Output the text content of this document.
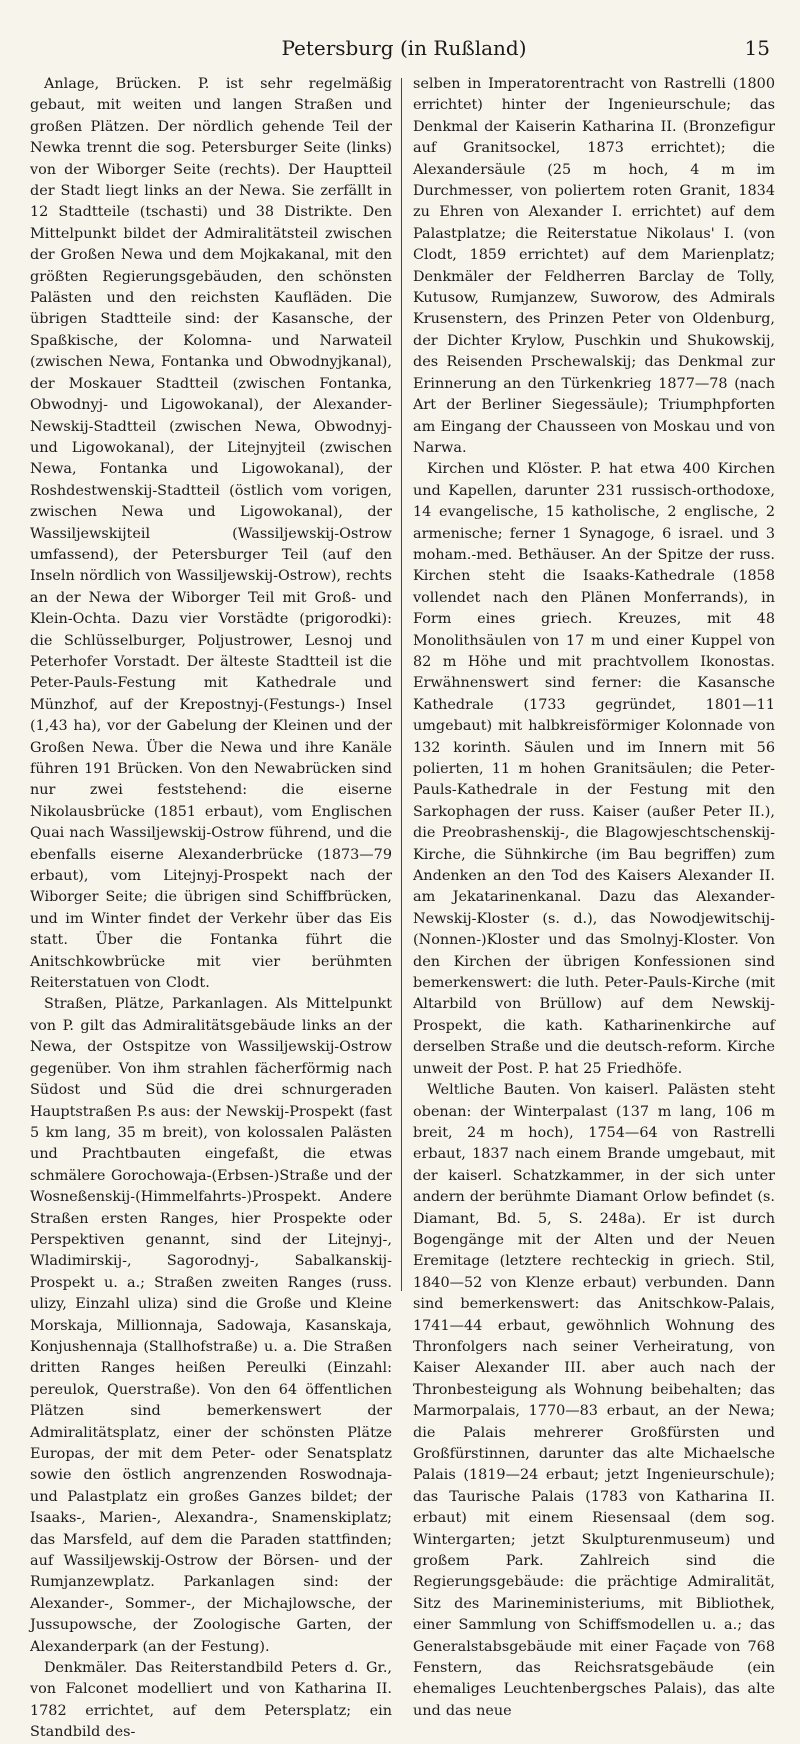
Petersburg (in Rußland)	15

Anlage, Brücken. P. ist sehr regelmäßig gebaut, mit weiten und langen Straßen und großen Plätzen. Der nördlich gehende Teil der Newka trennt die sog. Petersburger Seite (links) von der Wiborger Seite (rechts). Der Hauptteil der Stadt liegt links an der Newa. Sie zerfällt in 12 Stadtteile (tschasti) und 38 Distrikte. Den Mittelpunkt bildet der Admiralitätsteil zwischen der Großen Newa und dem Mojkakanal, mit den größten Regierungsgebäuden, den schönsten Palästen und den reichsten Kaufläden. Die übrigen Stadtteile sind: der Kasansche, der Spaßkische, der Kolomna- und Narwateil (zwischen Newa, Fontanka und Obwodnyjkanal), der Moskauer Stadtteil (zwischen Fontanka, Obwodnyj- und Ligowokanal), der Alexander-Newskij-Stadtteil (zwischen Newa, Obwodnyj- und Ligowokanal), der Litejnyjteil (zwischen Newa, Fontanka und Ligowokanal), der Roshdestwenskij-Stadtteil (östlich vom vorigen, zwischen Newa und Ligowokanal), der Wassiljewskijteil (Wassiljewskij-Ostrow umfassend), der Petersburger Teil (auf den Inseln nördlich von Wassiljewskij-Ostrow), rechts an der Newa der Wiborger Teil mit Groß- und Klein-Ochta. Dazu vier Vorstädte (prigorodki): die Schlüsselburger, Poljustrower, Lesnoj und Peterhofer Vorstadt. Der älteste Stadtteil ist die Peter-Pauls-Festung mit Kathedrale und Münzhof, auf der Krepostnyj-(Festungs-) Insel (1,43 ha), vor der Gabelung der Kleinen und der Großen Newa. Über die Newa und ihre Kanäle führen 191 Brücken. Von den Newabrücken sind nur zwei feststehend: die eiserne Nikolausbrücke (1851 erbaut), vom Englischen Quai nach Wassiljewskij-Ostrow führend, und die ebenfalls eiserne Alexanderbrücke (1873—79 erbaut), vom Litejnyj-Prospekt nach der Wiborger Seite; die übrigen sind Schiffbrücken, und im Winter findet der Verkehr über das Eis statt. Über die Fontanka führt die Anitschkowbrücke mit vier berühmten Reiterstatuen von Clodt.

Straßen, Plätze, Parkanlagen. Als Mittelpunkt von P. gilt das Admiralitätsgebäude links an der Newa, der Ostspitze von Wassiljewskij-Ostrow gegenüber. Von ihm strahlen fächerförmig nach Südost und Süd die drei schnurgeraden Hauptstraßen P.s aus: der Newskij-Prospekt (fast 5 km lang, 35 m breit), von kolossalen Palästen und Prachtbauten eingefaßt, die etwas schmälere Gorochowaja-(Erbsen-)Straße und der Wosneßenskij-(Himmelfahrts-)Prospekt. Andere Straßen ersten Ranges, hier Prospekte oder Perspektiven genannt, sind der Litejnyj-, Wladimirskij-, Sagorodnyj-, Sabalkanskij-Prospekt u. a.; Straßen zweiten Ranges (russ. ulizy, Einzahl uliza) sind die Große und Kleine Morskaja, Millionnaja, Sadowaja, Kasanskaja, Konjushennaja (Stallhofstraße) u. a. Die Straßen dritten Ranges heißen Pereulki (Einzahl: pereulok, Querstraße). Von den 64 öffentlichen Plätzen sind bemerkenswert der Admiralitätsplatz, einer der schönsten Plätze Europas, der mit dem Peter- oder Senatsplatz sowie den östlich angrenzenden Roswodnaja- und Palastplatz ein großes Ganzes bildet; der Isaaks-, Marien-, Alexandra-, Snamenskiplatz; das Marsfeld, auf dem die Paraden stattfinden; auf Wassiljewskij-Ostrow der Börsen- und der Rumjanzewplatz. Parkanlagen sind: der Alexander-, Sommer-, der Michajlowsche, der Jussupowsche, der Zoologische Garten, der Alexanderpark (an der Festung).

Denkmäler. Das Reiterstandbild Peters d. Gr., von Falconet modelliert und von Katharina II. 1782 errichtet, auf dem Petersplatz; ein Standbild des-

selben in Imperatorentracht von Rastrelli (1800 errichtet) hinter der Ingenieurschule; das Denkmal der Kaiserin Katharina II. (Bronzefigur auf Granitsockel, 1873 errichtet); die Alexandersäule (25 m hoch, 4 m im Durchmesser, von poliertem roten Granit, 1834 zu Ehren von Alexander I. errichtet) auf dem Palastplatze; die Reiterstatue Nikolaus' I. (von Clodt, 1859 errichtet) auf dem Marienplatz; Denkmäler der Feldherren Barclay de Tolly, Kutusow, Rumjanzew, Suworow, des Admirals Krusenstern, des Prinzen Peter von Oldenburg, der Dichter Krylow, Puschkin und Shukowskij, des Reisenden Prschewalskij; das Denkmal zur Erinnerung an den Türkenkrieg 1877—78 (nach Art der Berliner Siegessäule); Triumphpforten am Eingang der Chausseen von Moskau und von Narwa.

Kirchen und Klöster. P. hat etwa 400 Kirchen und Kapellen, darunter 231 russisch-orthodoxe, 14 evangelische, 15 katholische, 2 englische, 2 armenische; ferner 1 Synagoge, 6 israel. und 3 moham.-med. Bethäuser. An der Spitze der russ. Kirchen steht die Isaaks-Kathedrale (1858 vollendet nach den Plänen Monferrands), in Form eines griech. Kreuzes, mit 48 Monolithsäulen von 17 m und einer Kuppel von 82 m Höhe und mit prachtvollem Ikonostas. Erwähnenswert sind ferner: die Kasansche Kathedrale (1733 gegründet, 1801—11 umgebaut) mit halbkreisförmiger Kolonnade von 132 korinth. Säulen und im Innern mit 56 polierten, 11 m hohen Granitsäulen; die Peter-Pauls-Kathedrale in der Festung mit den Sarkophagen der russ. Kaiser (außer Peter II.), die Preobrashenskij-, die Blagowjeschtschenskij-Kirche, die Sühnkirche (im Bau begriffen) zum Andenken an den Tod des Kaisers Alexander II. am Jekatarinenkanal. Dazu das Alexander-Newskij-Kloster (s. d.), das Nowodjewitschij-(Nonnen-)Kloster und das Smolnyj-Kloster. Von den Kirchen der übrigen Konfessionen sind bemerkenswert: die luth. Peter-Pauls-Kirche (mit Altarbild von Brüllow) auf dem Newskij-Prospekt, die kath. Katharinenkirche auf derselben Straße und die deutsch-reform. Kirche unweit der Post. P. hat 25 Friedhöfe.

Weltliche Bauten. Von kaiserl. Palästen steht obenan: der Winterpalast (137 m lang, 106 m breit, 24 m hoch), 1754—64 von Rastrelli erbaut, 1837 nach einem Brande umgebaut, mit der kaiserl. Schatzkammer, in der sich unter andern der berühmte Diamant Orlow befindet (s. Diamant, Bd. 5, S. 248a). Er ist durch Bogengänge mit der Alten und der Neuen Eremitage (letztere rechteckig in griech. Stil, 1840—52 von Klenze erbaut) verbunden. Dann sind bemerkenswert: das Anitschkow-Palais, 1741—44 erbaut, gewöhnlich Wohnung des Thronfolgers nach seiner Verheiratung, von Kaiser Alexander III. aber auch nach der Thronbesteigung als Wohnung beibehalten; das Marmorpalais, 1770—83 erbaut, an der Newa; die Palais mehrerer Großfürsten und Großfürstinnen, darunter das alte Michaelsche Palais (1819—24 erbaut; jetzt Ingenieurschule); das Taurische Palais (1783 von Katharina II. erbaut) mit einem Riesensaal (dem sog. Wintergarten; jetzt Skulpturenmuseum) und großem Park. Zahlreich sind die Regierungsgebäude: die prächtige Admiralität, Sitz des Marineministeriums, mit Bibliothek, einer Sammlung von Schiffsmodellen u. a.; das Generalstabsgebäude mit einer Façade von 768 Fenstern, das Reichsratsgebäude (ein ehemaliges Leuchtenbergsches Palais), das alte und das neue
